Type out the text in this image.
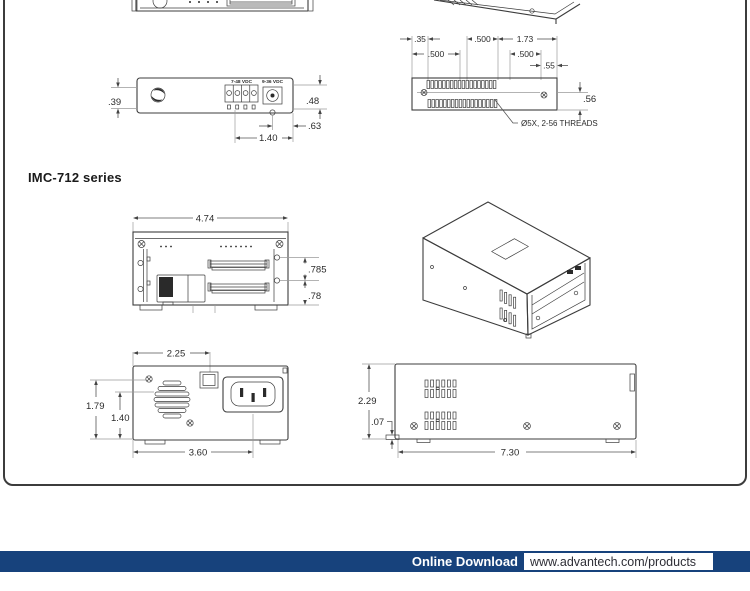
7-48 VDC 9-36 VDC
.39	.48
.63
1.40
.35	.500	1.73
.500	.500
.55
.56
Ø5X, 2-56 THREADS
IMC-712 series
4.74
.785
.78
2.25
1.79
1.40
3.60
2.29
.07
7.30
Online Download www.advantech.com/products
